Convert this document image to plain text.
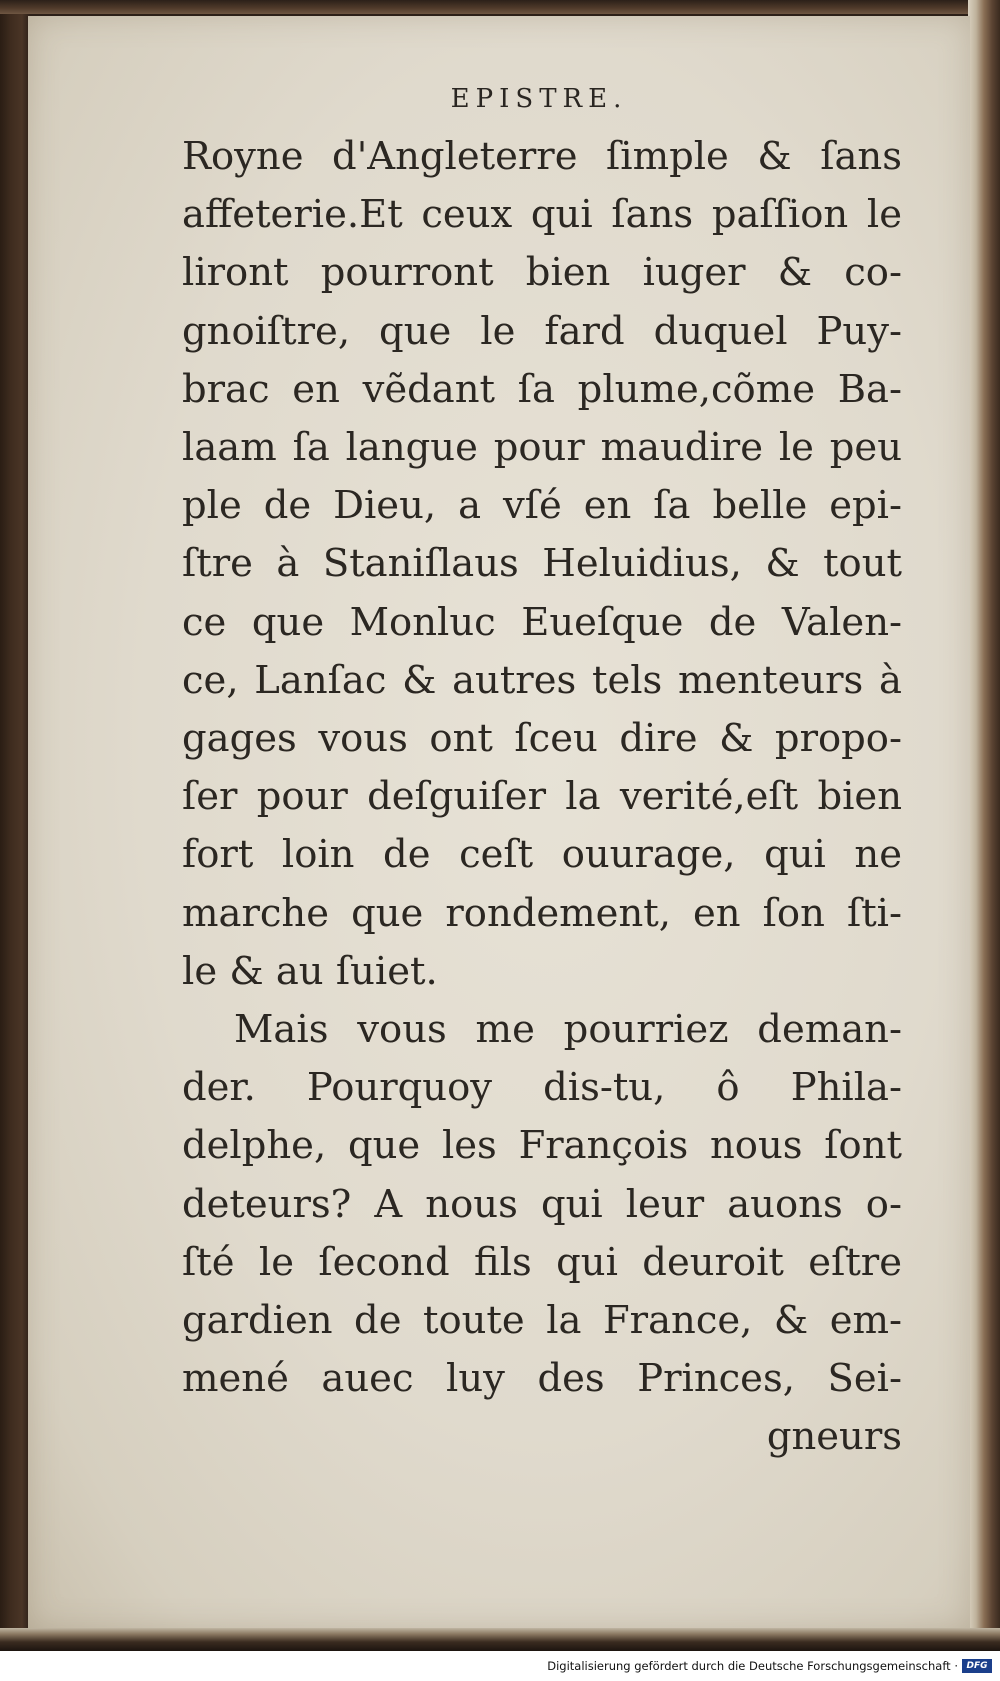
EPISTRE.
Royne d'Angleterre ſimple & ſans
affeterie.Et ceux qui ſans paſſion le
liront pourront bien iuger & co-
gnoiſtre, que le fard duquel Puy-
brac en vẽdant ſa plume,cõme Ba-
laam ſa langue pour maudire le peu
ple de Dieu, a vſé en ſa belle epi-
ſtre à Staniſlaus Heluidius, & tout
ce que Monluc Eueſque de Valen-
ce, Lanſac & autres tels menteurs à
gages vous ont ſceu dire & propo-
ſer pour deſguiſer la verité,eſt bien
fort loin de ceſt ouurage, qui ne
marche que rondement, en ſon ſti-
le & au ſuiet.
Mais vous me pourriez deman-
der. Pourquoy dis-tu, ô Phila-
delphe, que les François nous ſont
deteurs? A nous qui leur auons o-
ſté le ſecond fils qui deuroit eſtre
gardien de toute la France, & em-
mené auec luy des Princes, Sei-
gneurs
Digitalisierung gefördert durch die Deutsche Forschungsgemeinschaft · DFG
